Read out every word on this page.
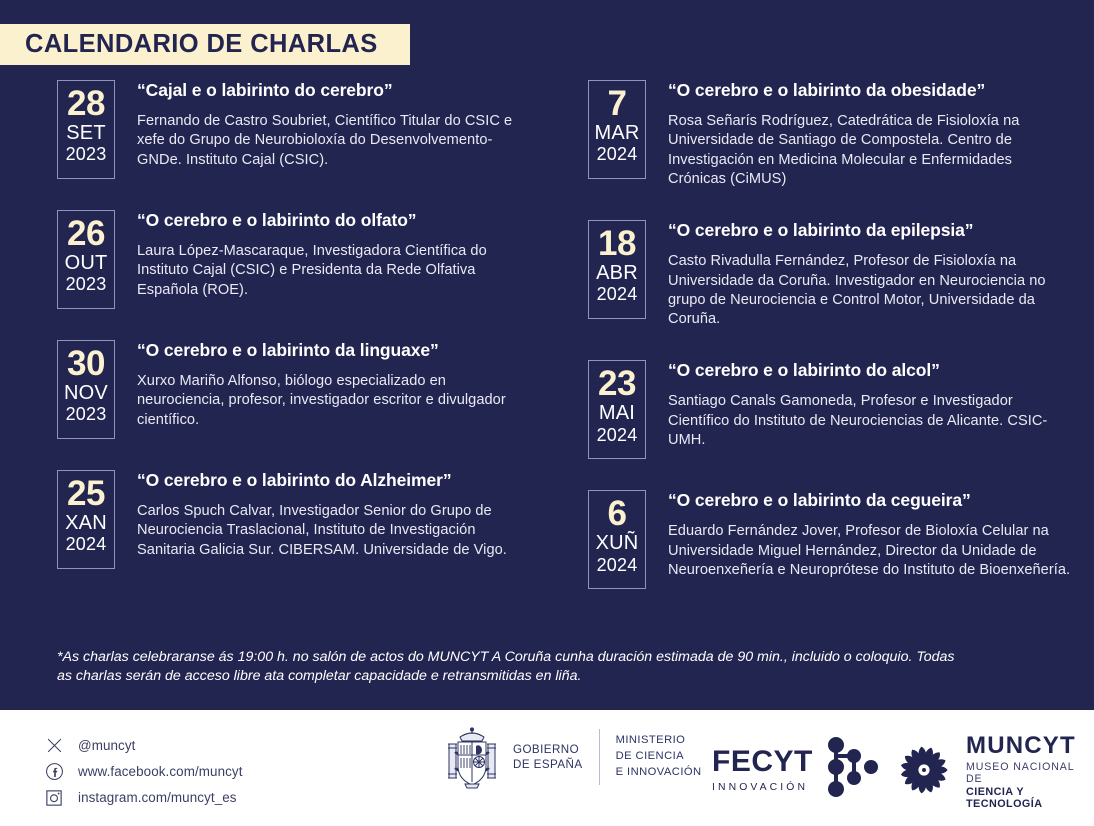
CALENDARIO DE CHARLAS
28
SET
2023
“Cajal e o labirinto do cerebro”
Fernando de Castro Soubriet, Científico Titular do CSIC e xefe do Grupo de Neurobioloxía do Desenvolvemento-GNDe. Instituto Cajal (CSIC).
26
OUT
2023
“O cerebro e o labirinto do olfato”
Laura López-Mascaraque, Investigadora Científica do Instituto Cajal (CSIC) e Presidenta da Rede Olfativa Española (ROE).
30
NOV
2023
“O cerebro e o labirinto da linguaxe”
Xurxo Mariño Alfonso, biólogo especializado en neurociencia, profesor, investigador escritor e divulgador científico.
25
XAN
2024
“O cerebro e o labirinto do Alzheimer”
Carlos Spuch Calvar, Investigador Senior do Grupo de Neurociencia Traslacional, Instituto de Investigación Sanitaria Galicia Sur. CIBERSAM. Universidade de Vigo.
7
MAR
2024
“O cerebro e o labirinto da obesidade”
Rosa Señarís Rodríguez, Catedrática de Fisioloxía na Universidade de Santiago de Compostela. Centro de Investigación en Medicina Molecular e Enfermidades Crónicas (CiMUS)
18
ABR
2024
“O cerebro e o labirinto da epilepsia”
Casto Rivadulla Fernández, Profesor de Fisioloxía na Universidade da Coruña. Investigador en Neurociencia no grupo de Neurociencia e Control Motor, Universidade da Coruña.
23
MAI
2024
“O cerebro e o labirinto do alcol”
Santiago Canals Gamoneda, Profesor e Investigador Científico do Instituto de Neurociencias de Alicante. CSIC-UMH.
6
XUÑ
2024
“O cerebro e o labirinto da cegueira”
Eduardo Fernández Jover, Profesor de Bioloxía Celular na Universidade Miguel Hernández, Director da Unidade de Neuroenxeñería e Neuroprótese do Instituto de Bioenxeñería.
*As charlas celebraranse ás 19:00 h. no salón de actos do MUNCYT A Coruña cunha duración estimada de 90 min., incluido o coloquio. Todas as charlas serán de acceso libre ata completar capacidade e retransmitidas en liña.
@muncyt
www.facebook.com/muncyt
instagram.com/muncyt_es
GOBIERNO
DE ESPAÑA
MINISTERIO
DE CIENCIA
E INNOVACIÓN FECYT
INNOVACIÓN
MUNCYT
MUSEO NACIONAL DE
CIENCIA Y TECNOLOGÍA
